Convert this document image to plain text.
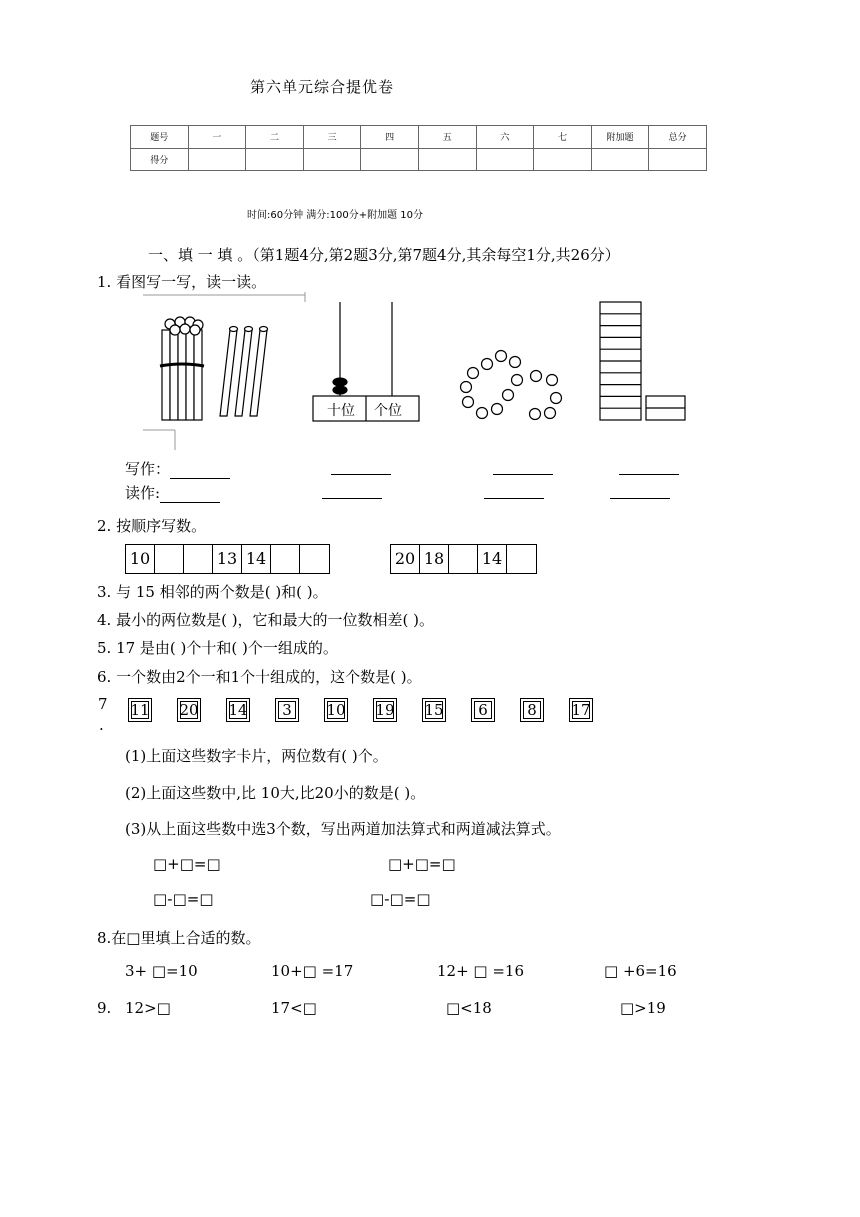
第六单元综合提优卷
题号	一	二	三	四	五	六	七	附加题	总分
得分									
时间:60分钟 满分:100分+附加题 10分
一、填 一 填 。（第1题4分,第2题3分,第7题4分,其余每空1分,共26分）
1. 看图写一写，读一读。
十位 个位
写作：
读作:
2. 按顺序写数。
10	13 14	20 18	14
3. 与 15 相邻的两个数是( )和( )。
4. 最小的两位数是( )，它和最大的一位数相差( )。
5. 17 是由( )个十和( )个一组成的。
6. 一个数由2个一和1个十组成的，这个数是( )。
7
.
11 20 14	3	10 19 15	6	8	17
(1)上面这些数字卡片，两位数有( )个。
(2)上面这些数中,比 10大,比20小的数是( )。
(3)从上面这些数中选3个数，写出两道加法算式和两道减法算式。
□+□=□	□+□=□
□-□=□	□-□=□
8.在□里填上合适的数。
3+ □=10	10+□ =17	12+ □ =16	□ +6=16
9. 12>□	17<□	□<18	□>19
